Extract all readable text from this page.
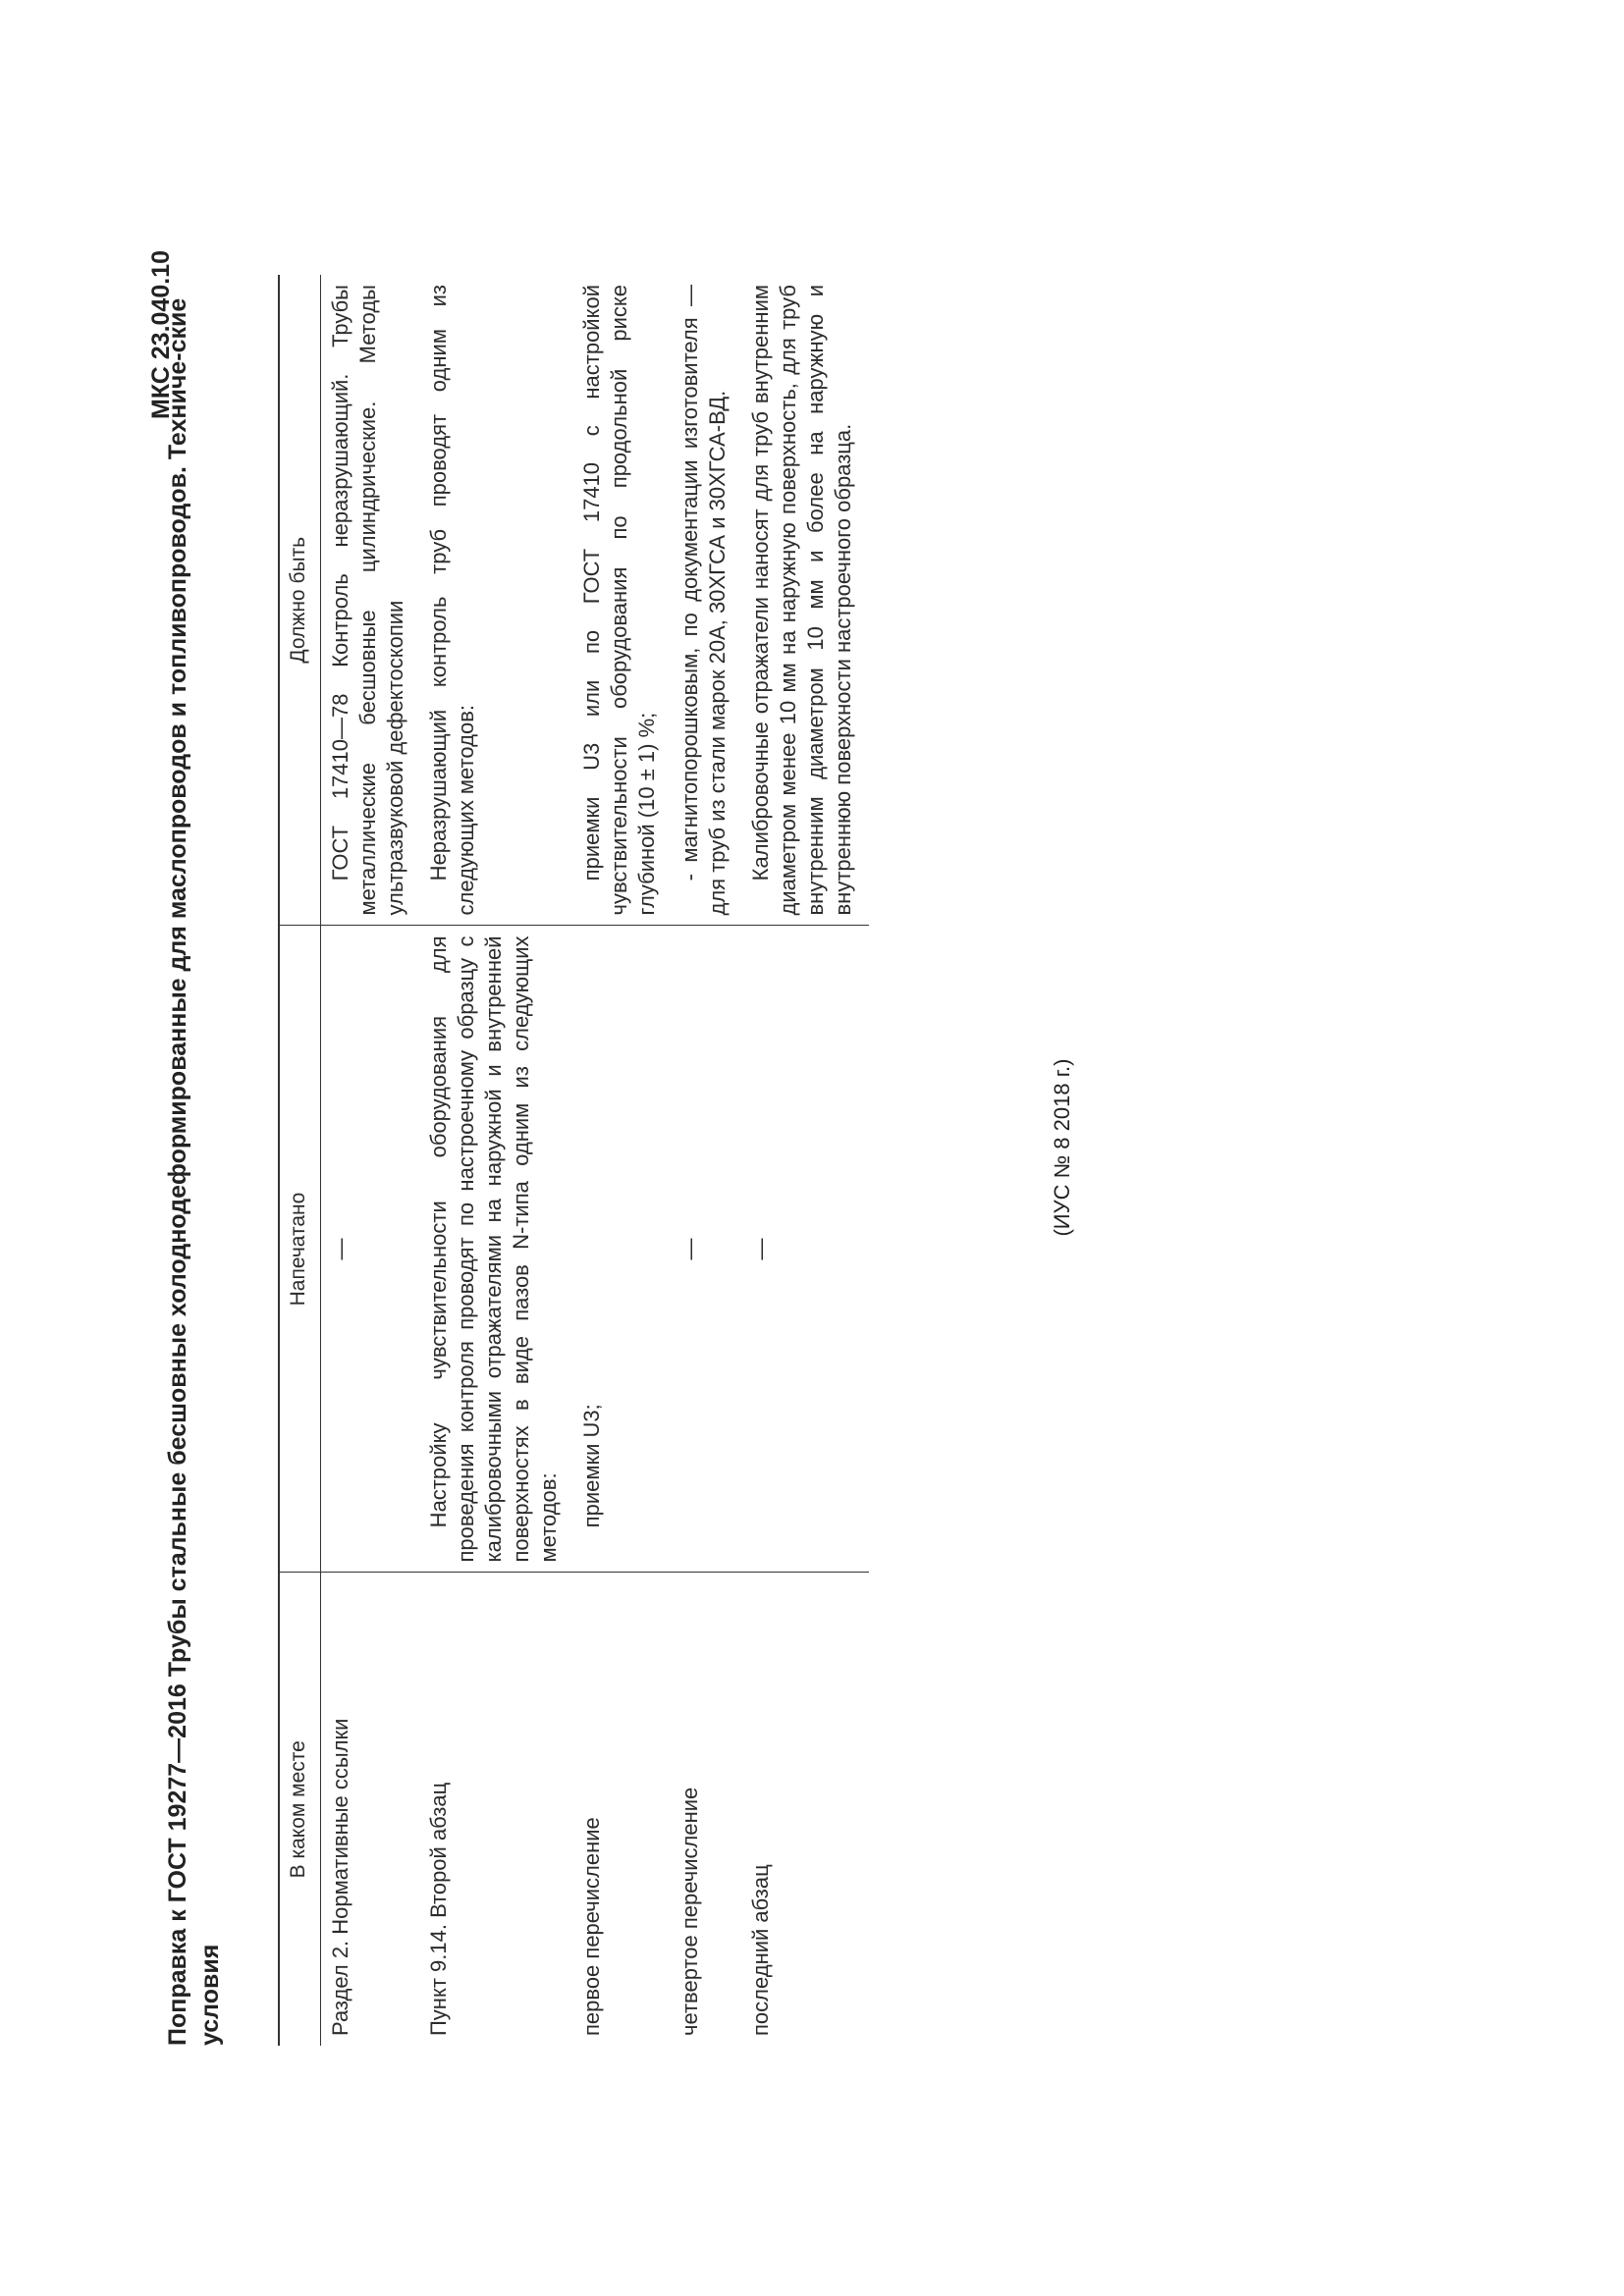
МКС 23.040.10
Поправка к ГОСТ 19277—2016 Трубы стальные бесшовные холоднодеформированные для маслопроводов и топливопроводов. Техниче-ские условия
В каком месте	Напечатано	Должно быть
Раздел 2. Нормативные ссылки	—	ГОСТ 17410—78 Контроль неразрушающий. Трубы металлические бесшовные цилиндрические. Методы ультразвуковой дефектоскопии
Пункт 9.14. Второй абзац	Настройку чувствительности оборудования для проведения контроля проводят по настроечному образцу с калибровочными отражателями на наружной и внутренней поверхностях в виде пазов N-типа одним из следующих методов:	Неразрушающий контроль труб проводят одним из следующих методов:
первое перечисление	приемки U3;	приемки U3 или по ГОСТ 17410 с настройкой чувствительности оборудования по продольной риске глубиной (10 ± 1) %;
четвертое перечисление	—	- магнитопорошковым, по документации изготовителя — для труб из стали марок 20А, 30ХГСА и 30ХГСА-ВД.
последний абзац	—	Калибровочные отражатели наносят для труб внутренним диаметром менее 10 мм на наружную поверхность, для труб внутренним диаметром 10 мм и более на наружную и внутреннюю поверхности настроечного образца.
(ИУС № 8 2018 г.)
